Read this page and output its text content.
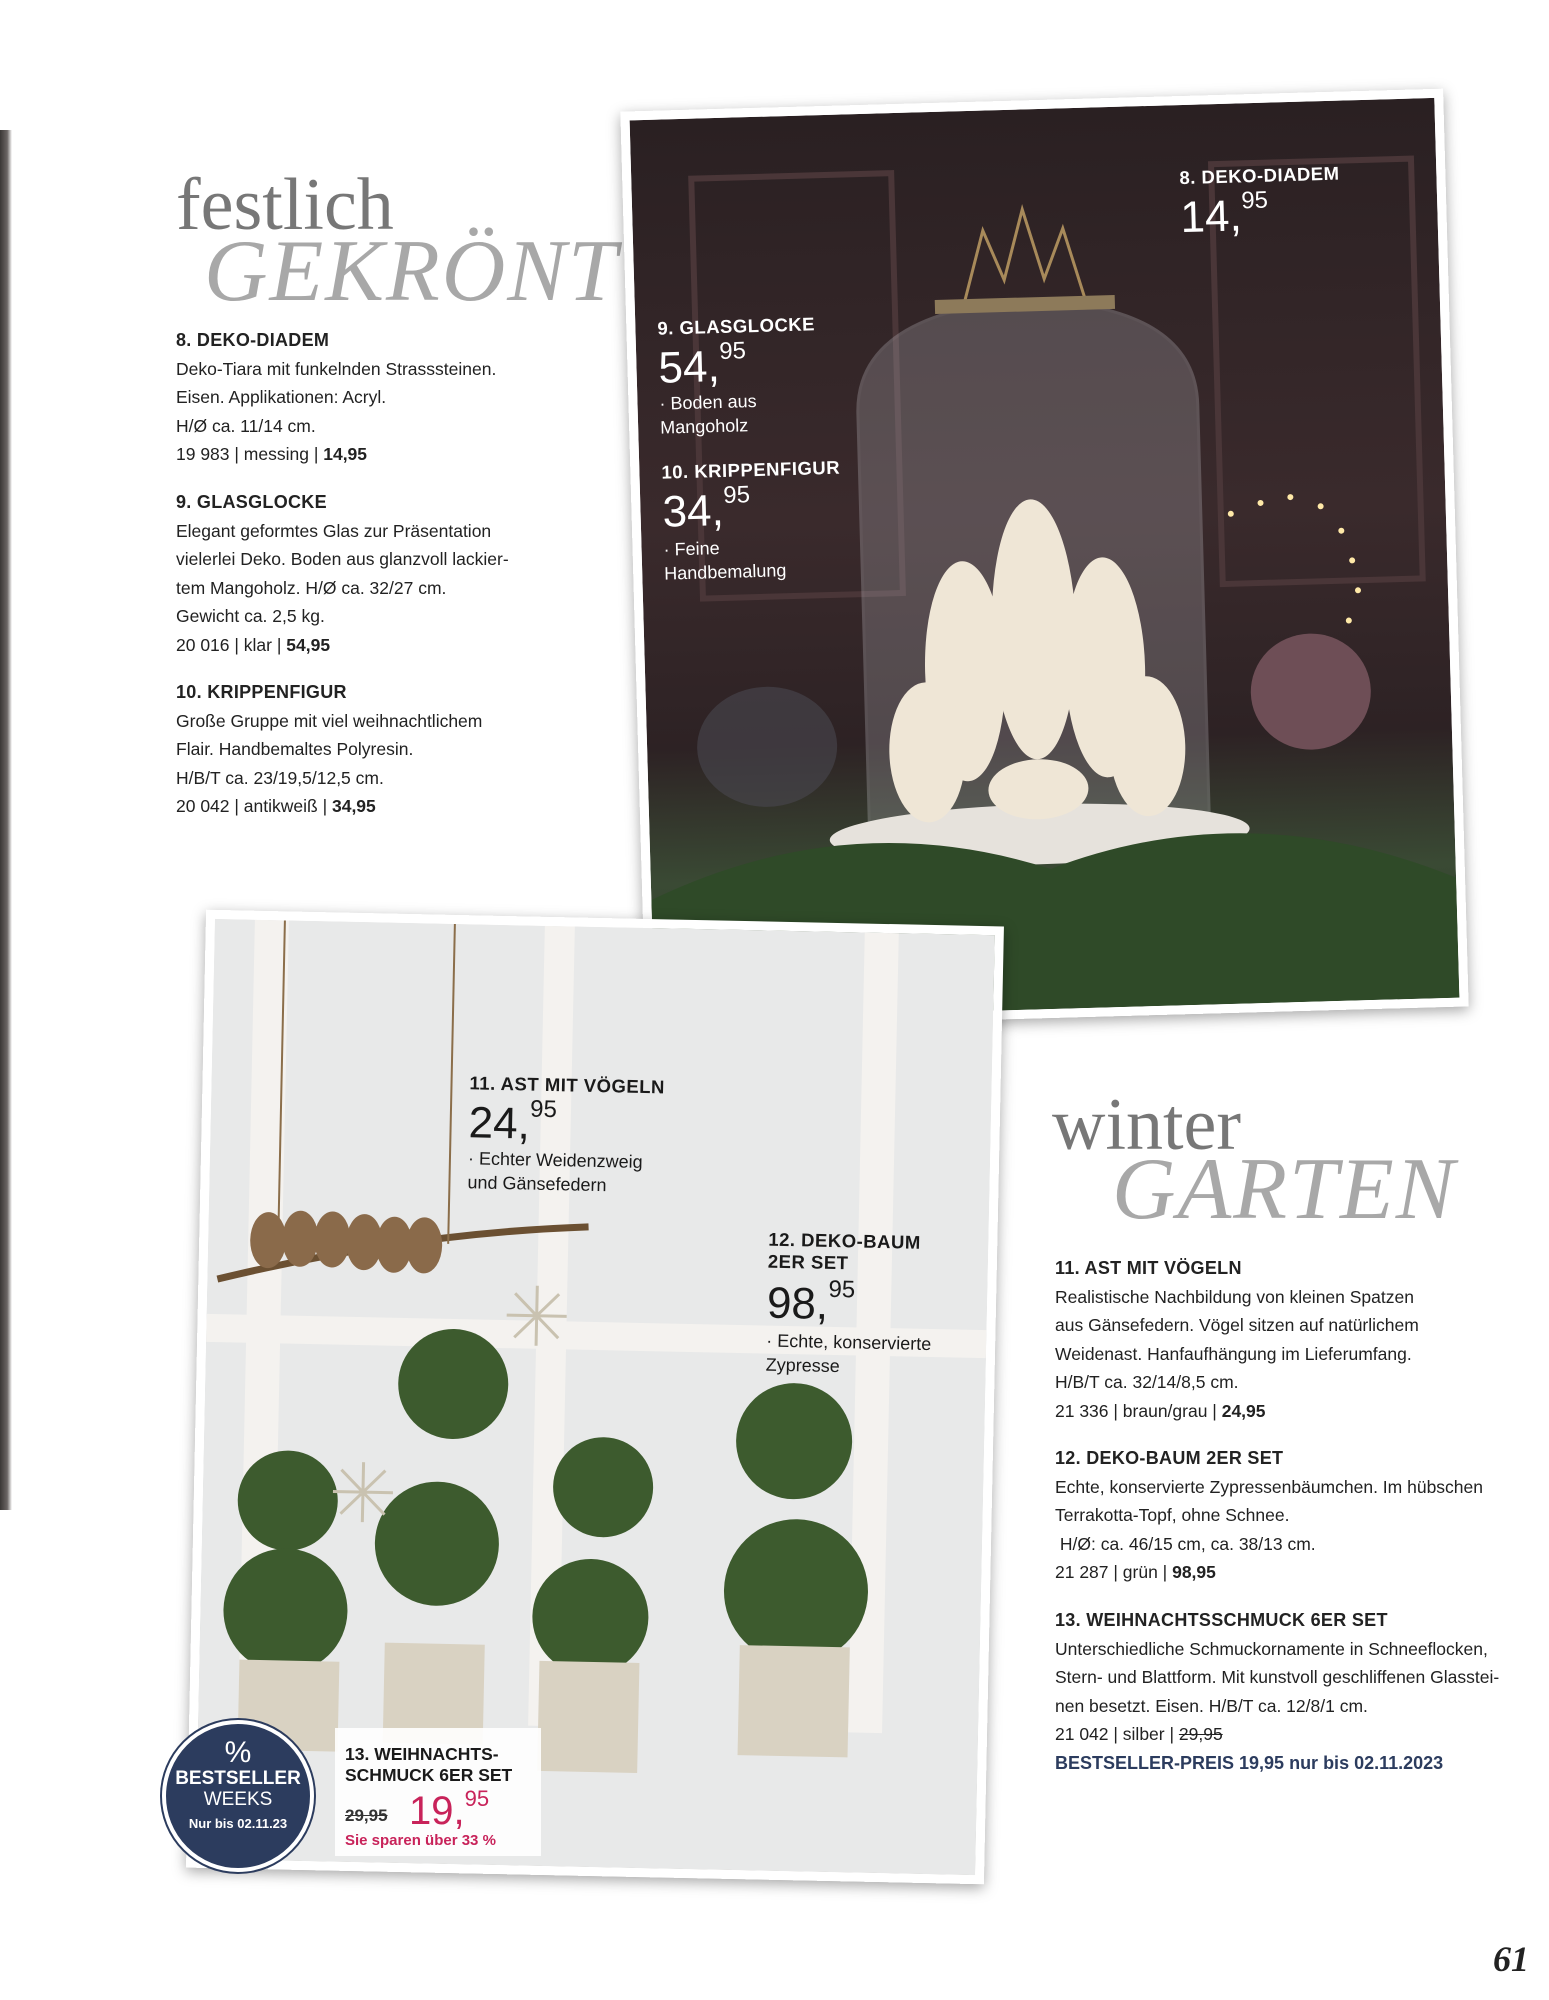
festlich
GEKRÖNT

8. DEKO-DIADEM

Deko-Tiara mit funkelnden Strasssteinen.

Eisen. Applikationen: Acryl.

H/Ø ca. 11/14 cm.

19 983 | messing | 14,95

9. GLASGLOCKE

Elegant geformtes Glas zur Präsentation

vielerlei Deko. Boden aus glanzvoll lackier-

tem Mangoholz. H/Ø ca. 32/27 cm.

Gewicht ca. 2,5 kg.

20 016 | klar | 54,95

10. KRIPPENFIGUR

Große Gruppe mit viel weihnachtlichem

Flair. Handbemaltes Polyresin.

H/B/T ca. 23/19,5/12,5 cm.

20 042 | antikweiß | 34,95

8. DEKO-DIADEM
14,95
9. GLASGLOCKE
54,95
· Boden aus
Mangoholz
10. KRIPPENFIGUR
34,95
· Feine
Handbemalung
11. AST MIT VÖGELN
24,95
· Echter Weidenzweig
und Gänsefedern
12. DEKO-BAUM
2ER SET
98,95
· Echte, konservierte
Zypresse
%
BESTSELLER
WEEKS
Nur bis 02.11.23
13. WEIHNACHTS-
SCHMUCK 6ER SET
29,95 19,95
Sie sparen über 33 %
winter
GARTEN

11. AST MIT VÖGELN

Realistische Nachbildung von kleinen Spatzen

aus Gänsefedern. Vögel sitzen auf natürlichem

Weidenast. Hanfaufhängung im Lieferumfang.

H/B/T ca. 32/14/8,5 cm.

21 336 | braun/grau | 24,95

12. DEKO-BAUM 2ER SET

Echte, konservierte Zypressenbäumchen. Im hübschen

Terrakotta-Topf, ohne Schnee.

H/Ø: ca. 46/15 cm, ca. 38/13 cm.

21 287 | grün | 98,95

13. WEIHNACHTSSCHMUCK 6ER SET

Unterschiedliche Schmuckornamente in Schneeflocken,

Stern- und Blattform. Mit kunstvoll geschliffenen Glasstei-

nen besetzt. Eisen. H/B/T ca. 12/8/1 cm.

21 042 | silber | 29,95

BESTSELLER-PREIS 19,95 nur bis 02.11.2023

61
